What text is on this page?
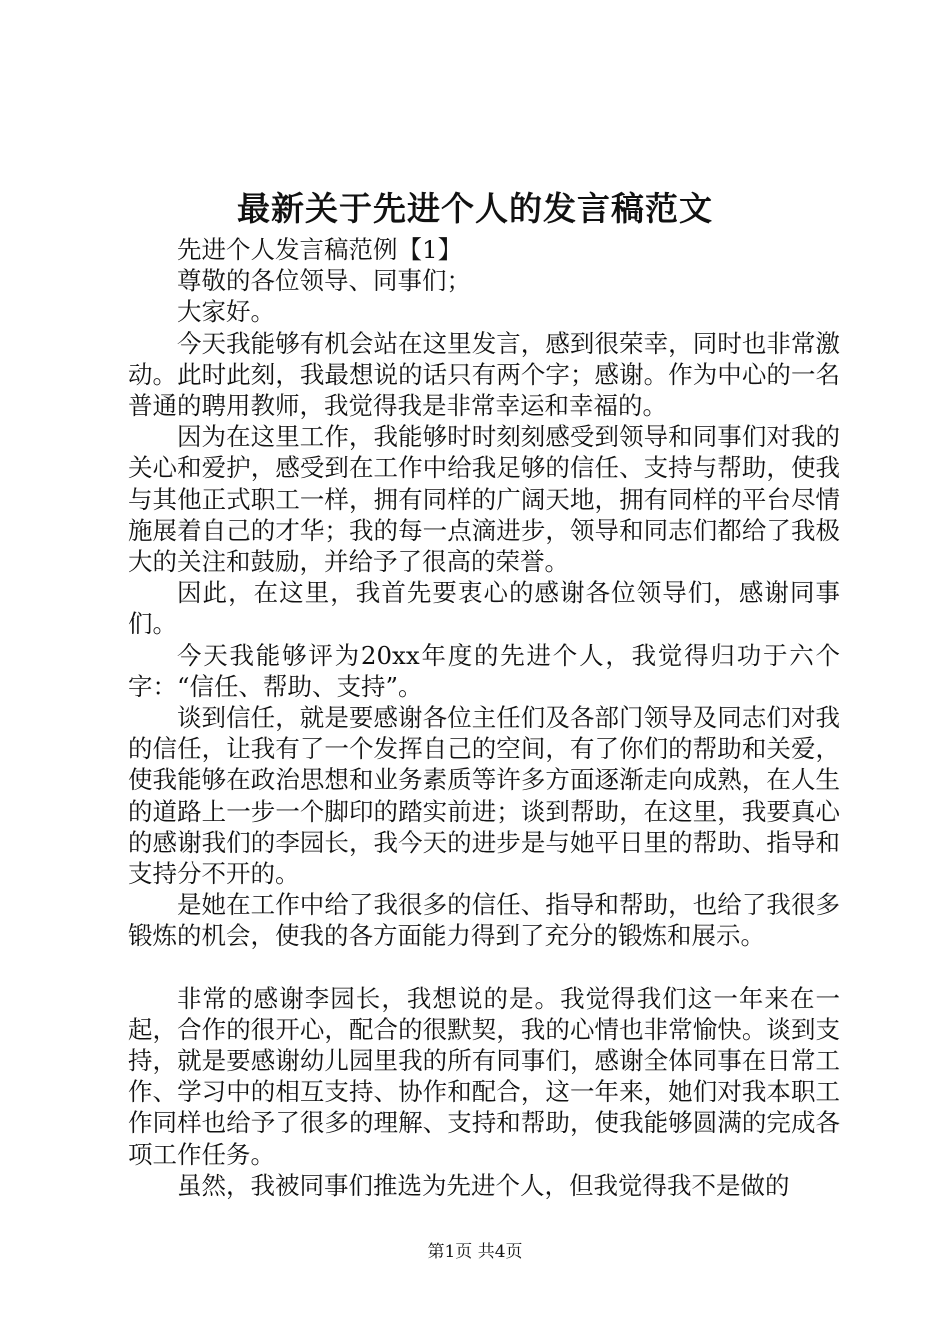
最新关于先进个人的发言稿范文

先进个人发言稿范例【1】

尊敬的各位领导、同事们；

大家好。

今天我能够有机会站在这里发言，感到很荣幸，同时也非常激动。此时此刻，我最想说的话只有两个字；感谢。作为中心的一名普通的聘用教师，我觉得我是非常幸运和幸福的。

因为在这里工作，我能够时时刻刻感受到领导和同事们对我的关心和爱护，感受到在工作中给我足够的信任、支持与帮助，使我与其他正式职工一样，拥有同样的广阔天地，拥有同样的平台尽情施展着自己的才华；我的每一点滴进步，领导和同志们都给了我极大的关注和鼓励，并给予了很高的荣誉。

因此，在这里，我首先要衷心的感谢各位领导们，感谢同事们。

今天我能够评为20xx年度的先进个人，我觉得归功于六个字：“信任、帮助、支持”。

谈到信任，就是要感谢各位主任们及各部门领导及同志们对我的信任，让我有了一个发挥自己的空间，有了你们的帮助和关爱，使我能够在政治思想和业务素质等许多方面逐渐走向成熟，在人生的道路上一步一个脚印的踏实前进；谈到帮助，在这里，我要真心的感谢我们的李园长，我今天的进步是与她平日里的帮助、指导和支持分不开的。

是她在工作中给了我很多的信任、指导和帮助，也给了我很多锻炼的机会，使我的各方面能力得到了充分的锻炼和展示。

非常的感谢李园长，我想说的是。我觉得我们这一年来在一起，合作的很开心，配合的很默契，我的心情也非常愉快。谈到支持，就是要感谢幼儿园里我的所有同事们，感谢全体同事在日常工作、学习中的相互支持、协作和配合，这一年来，她们对我本职工作同样也给予了很多的理解、支持和帮助，使我能够圆满的完成各项工作任务。

虽然，我被同事们推选为先进个人，但我觉得我不是做的

第1页 共4页
